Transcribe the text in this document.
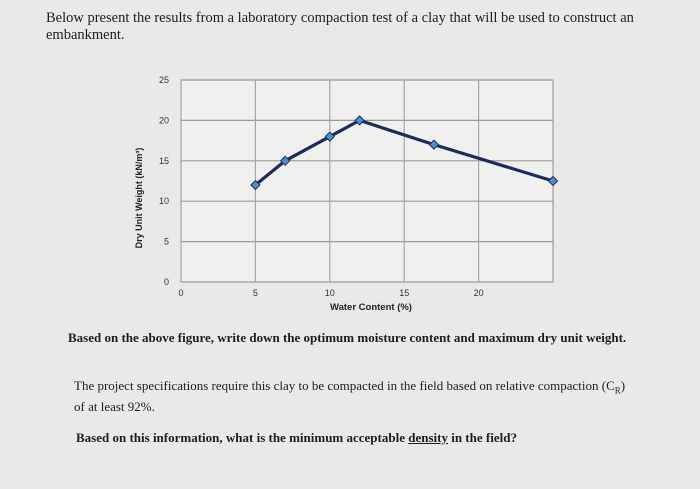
Below present the results from a laboratory compaction test of a clay that will be used to construct an embankment.
0
5
10
15
20
25
0	5	10	15	20
Water Content (%)
Dry Unit Weight (kN/m³)
Based on the above figure, write down the optimum moisture content and maximum dry unit weight.
The project specifications require this clay to be compacted in the field based on relative compaction $(C_R)$ of at least 92%.
Based on this information, what is the minimum acceptable density in the field?
